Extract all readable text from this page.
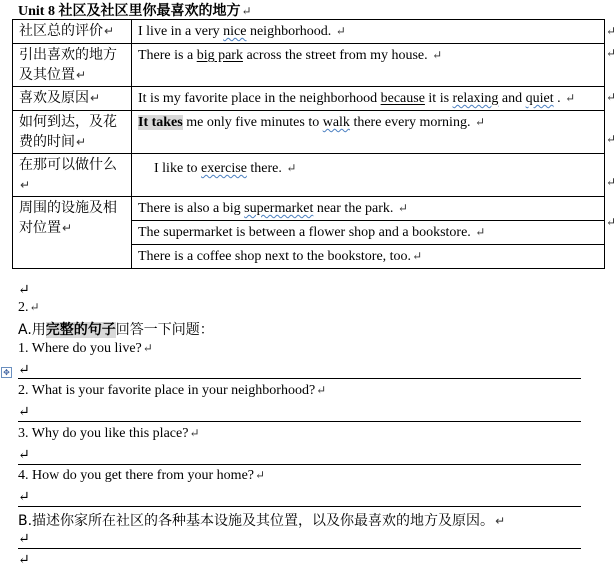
Unit 8 社区及社区里你最喜欢的地方↵
社区总的评价↵	I live in a very nice neighborhood. ↵
引出喜欢的地方及其位置↵	There is a big park across the street from my house. ↵
喜欢及原因↵	It is my favorite place in the neighborhood because it is relaxing and quiet . ↵
如何到达，及花费的时间↵	It takes me only five minutes to walk there every morning. ↵
在那可以做什么↵	I like to exercise there. ↵
周围的设施及相对位置↵	There is also a big supermarket near the park. ↵
	The supermarket is between a flower shop and a bookstore. ↵
	There is a coffee shop next to the bookstore, too.↵
↵
↵
↵
↵
↵
↵
↵
2.↵
A.用完整的句子回答一下问题：
1. Where do you live?↵
✥ ↵
2. What is your favorite place in your neighborhood?↵
↵
3. Why do you like this place?↵
↵
4. How do you get there from your home?↵
↵
B.描述你家所在社区的各种基本设施及其位置，以及你最喜欢的地方及原因。↵
↵
↵
